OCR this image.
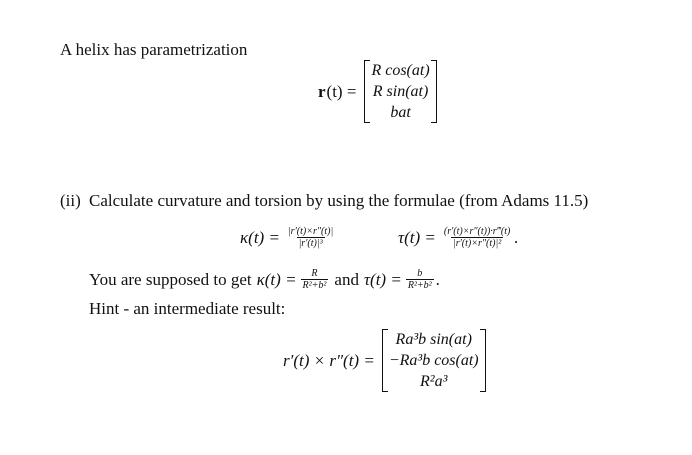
A helix has parametrization
r (t) =
R cos(at)
R sin(at)
bat
(ii) Calculate curvature and torsion by using the formulae (from Adams 11.5)
$\kappa(t) = \frac{|r'(t)\times r''(t)|}{\text{|r′(t)|³}}$	$\tau(t) = \frac{(r'(t)\times r''(t))\cdot r‴(t)}{\text{|r′(t)×r″(t)|²}}$ .
You are supposed to get $\kappa(t) = \frac{R}{\text{R²+b²}}$ and $\tau(t) = \frac{b}{\text{R²+b²}}$ .
Hint - an intermediate result:
r′(t) × r″(t) =
Ra³b sin(at)
−Ra³b cos(at)
R²a³
